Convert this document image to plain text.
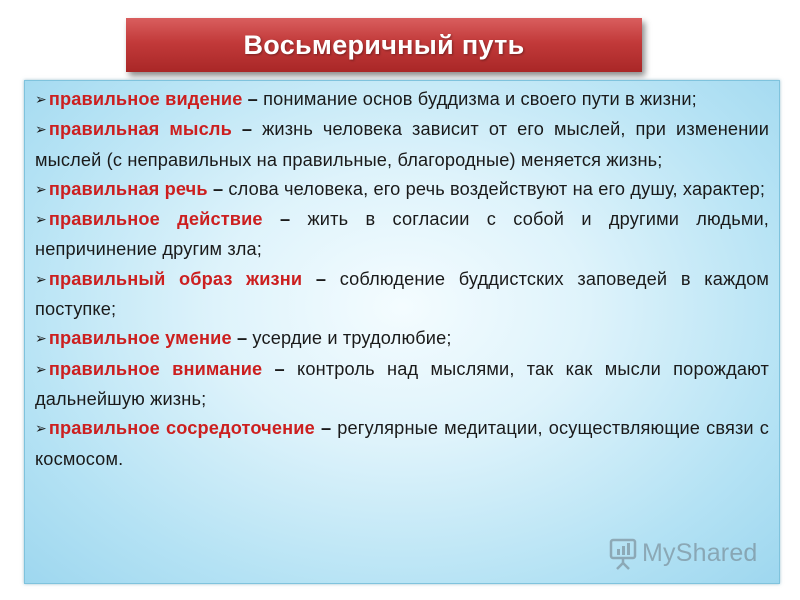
Восьмеричный путь
➢ правильное видение – понимание основ буддизма и своего пути в жизни;
➢ правильная мысль – жизнь человека зависит от его мыслей, при изменении мыслей (с неправильных на правильные, благородные) меняется жизнь;
➢ правильная речь – слова человека, его речь воздействуют на его душу, характер;
➢ правильное действие – жить в согласии с собой и другими людьми, непричинение другим зла;
➢ правильный образ жизни – соблюдение буддистских заповедей в каждом поступке;
➢ правильное умение – усердие и трудолюбие;
➢ правильное внимание – контроль над мыслями, так как мысли порождают дальнейшую жизнь;
➢ правильное сосредоточение – регулярные медитации, осуществляющие связи с космосом.
MyShared
